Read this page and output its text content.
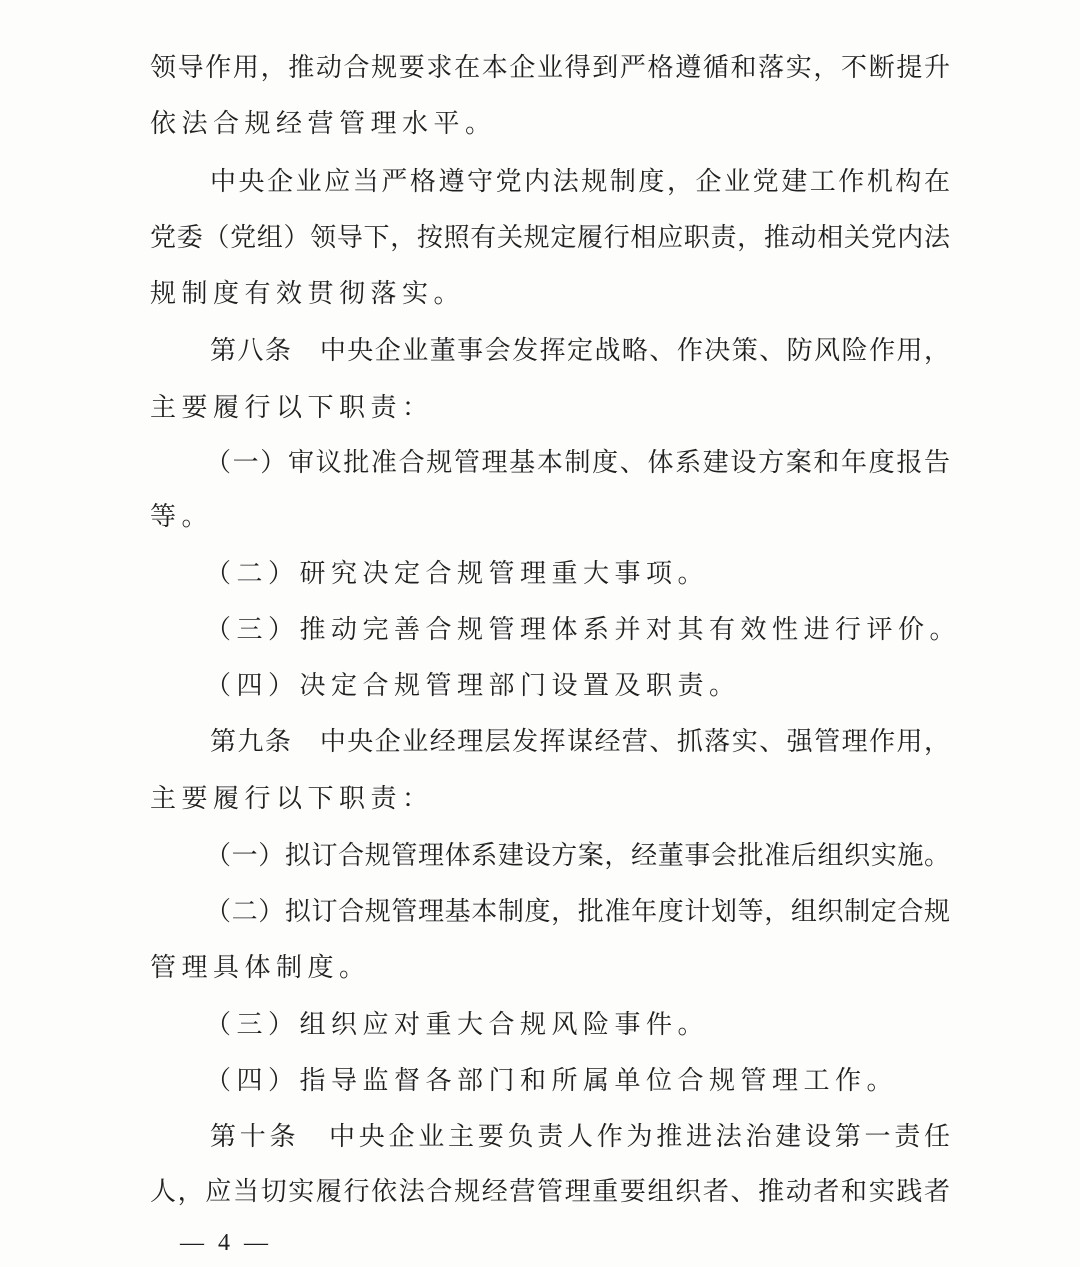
领导作用，推动合规要求在本企业得到严格遵循和落实，不断提升
依法合规经营管理水平。
中央企业应当严格遵守党内法规制度，企业党建工作机构在
党委（党组）领导下，按照有关规定履行相应职责，推动相关党内法
规制度有效贯彻落实。
第八条　中央企业董事会发挥定战略、作决策、防风险作用，
主要履行以下职责：
（一）审议批准合规管理基本制度、体系建设方案和年度报告
等。
（二）研究决定合规管理重大事项。
（三）推动完善合规管理体系并对其有效性进行评价。
（四）决定合规管理部门设置及职责。
第九条　中央企业经理层发挥谋经营、抓落实、强管理作用，
主要履行以下职责：
（一）拟订合规管理体系建设方案，经董事会批准后组织实施。
（二）拟订合规管理基本制度，批准年度计划等，组织制定合规
管理具体制度。
（三）组织应对重大合规风险事件。
（四）指导监督各部门和所属单位合规管理工作。
第十条　中央企业主要负责人作为推进法治建设第一责任
人，应当切实履行依法合规经营管理重要组织者、推动者和实践者
— 4 —
